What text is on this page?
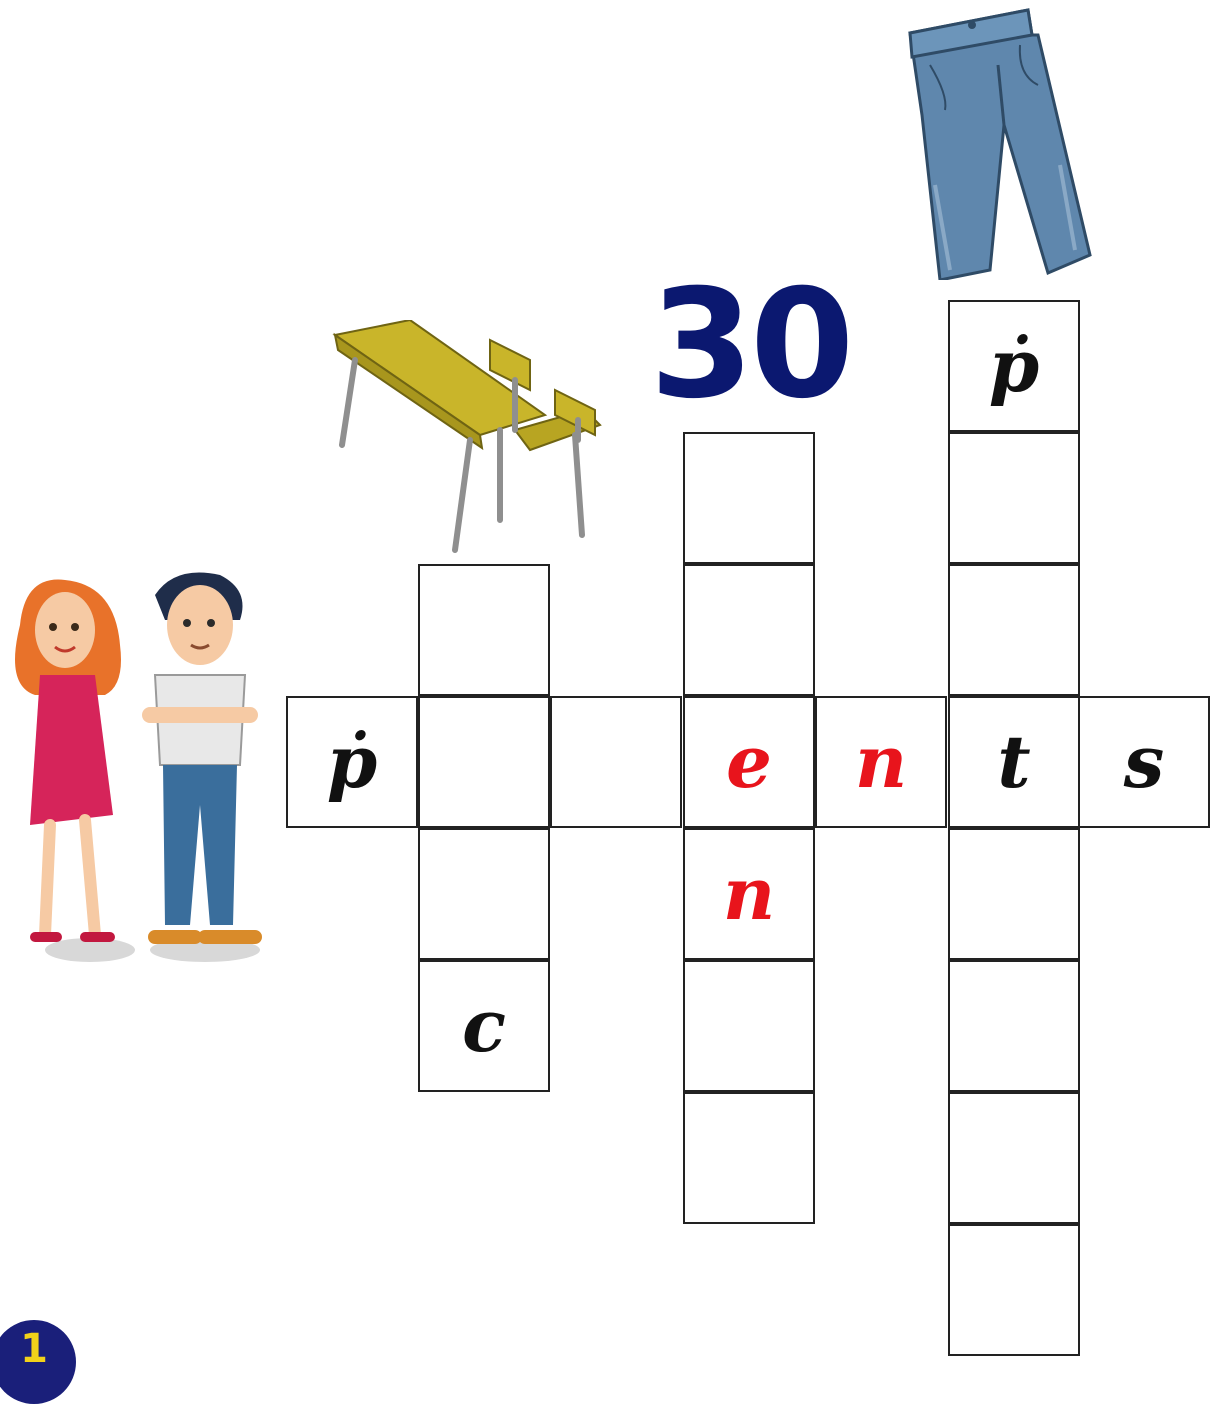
30 ṗ
n
c
ṗ	e n t s
1
